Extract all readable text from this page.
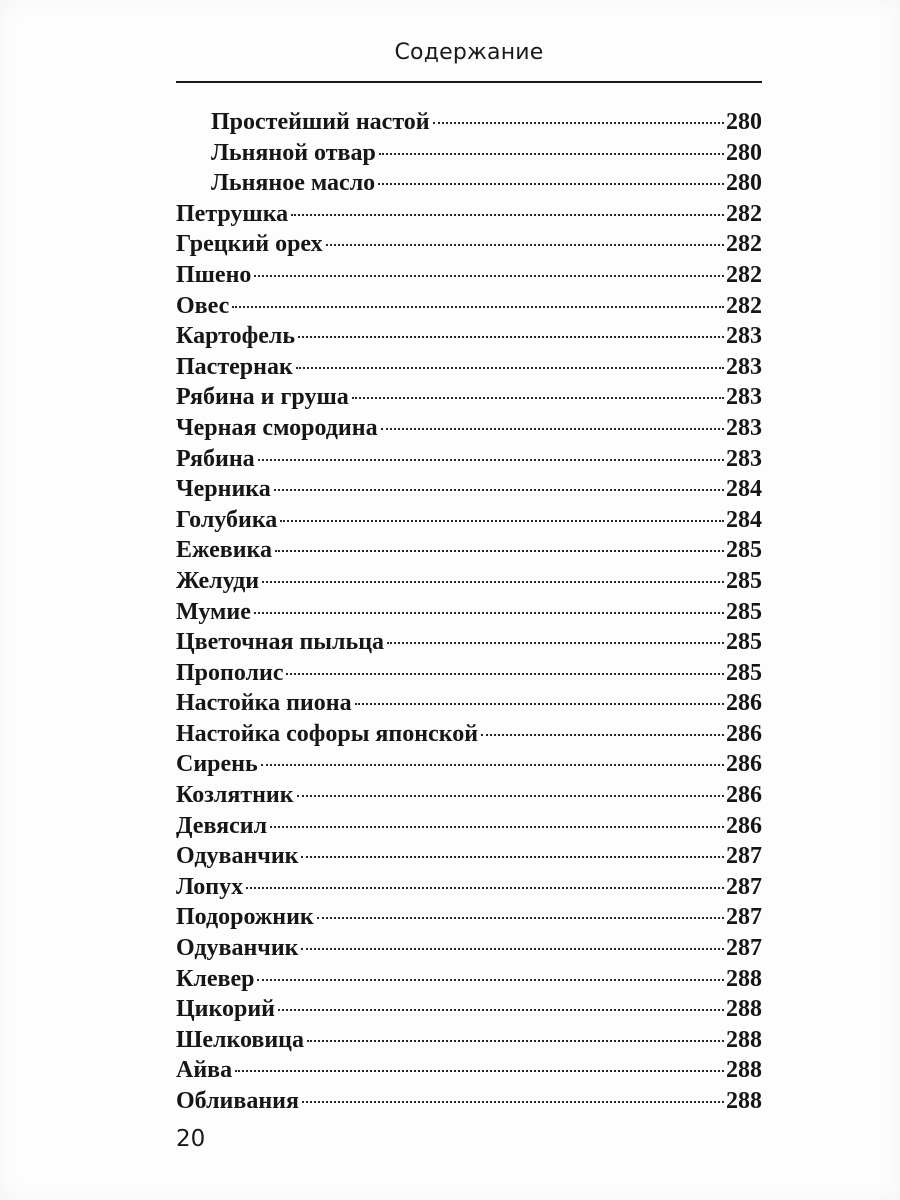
Содержание
Простейший настой	280
Льняной отвар	280
Льняное масло	280
Петрушка	282
Грецкий орех	282
Пшено	282
Овес	282
Картофель	283
Пастернак	283
Рябина и груша	283
Черная смородина	283
Рябина	283
Черника	284
Голубика	284
Ежевика	285
Желуди	285
Мумие	285
Цветочная пыльца	285
Прополис	285
Настойка пиона	286
Настойка софоры японской	286
Сирень	286
Козлятник	286
Девясил	286
Одуванчик	287
Лопух	287
Подорожник	287
Одуванчик	287
Клевер	288
Цикорий	288
Шелковица	288
Айва	288
Обливания	288
20
